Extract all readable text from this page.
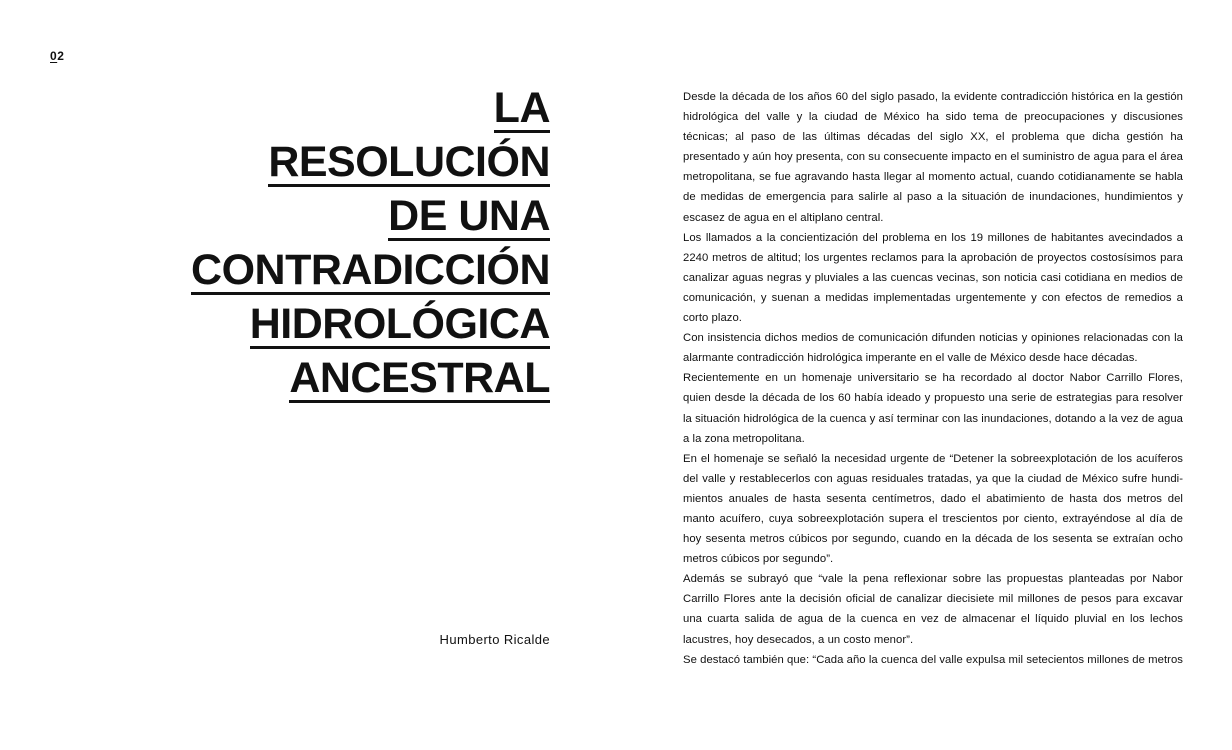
02
LA
RESOLUCIÓN
DE UNA
CONTRADICCIÓN
HIDROLÓGICA
ANCESTRAL
Humberto Ricalde

Desde la década de los años 60 del siglo pasado, la evidente contradicción histórica en la gestión hidrológica del valle y la ciudad de México ha sido tema de preocupaciones y discusiones técnicas; al paso de las últimas décadas del siglo XX, el problema que dicha gestión ha presentado y aún hoy presenta, con su consecuente impacto en el suministro de agua para el área metropolitana, se fue agravando hasta llegar al momento actual, cuando cotidianamente se habla de medidas de emergencia para salirle al paso a la situación de inundaciones, hundimientos y escasez de agua en el altiplano central.

Los llamados a la concientización del problema en los 19 millones de habitantes avecindados a 2240 metros de altitud; los urgentes reclamos para la aprobación de proyectos costosísimos para canalizar aguas negras y pluviales a las cuencas vecinas, son noticia casi cotidiana en medios de comunicación, y suenan a medidas implementadas urgentemente y con efectos de remedios a corto plazo.

Con insistencia dichos medios de comunicación difunden noticias y opiniones relacionadas con la alarmante contradicción hidrológica imperante en el valle de México desde hace décadas.

Recientemente en un homenaje universitario se ha recordado al doctor Nabor Carrillo Flores, quien desde la década de los 60 había ideado y propuesto una serie de estrategias para resolver la situación hidrológica de la cuenca y así terminar con las inundaciones, dotando a la vez de agua a la zona metropolitana.

En el homenaje se señaló la necesidad urgente de “Detener la sobreexplotación de los acuíferos del valle y restablecerlos con aguas residuales tratadas, ya que la ciudad de México sufre hundimientos anuales de hasta sesenta centímetros, dado el abatimiento de hasta dos metros del manto acuífero, cuya sobreexplotación supera el trescientos por ciento, extrayéndose al día de hoy sesenta metros cúbicos por segundo, cuando en la década de los sesenta se extraían ocho metros cúbicos por segundo”.

Además se subrayó que “vale la pena reflexionar sobre las propuestas planteadas por Nabor Carrillo Flores ante la decisión oficial de canalizar diecisiete mil millones de pesos para excavar una cuarta salida de agua de la cuenca en vez de almacenar el líquido pluvial en los lechos lacustres, hoy desecados, a un costo menor”.

Se destacó también que: “Cada año la cuenca del valle expulsa mil setecientos millones de metros
